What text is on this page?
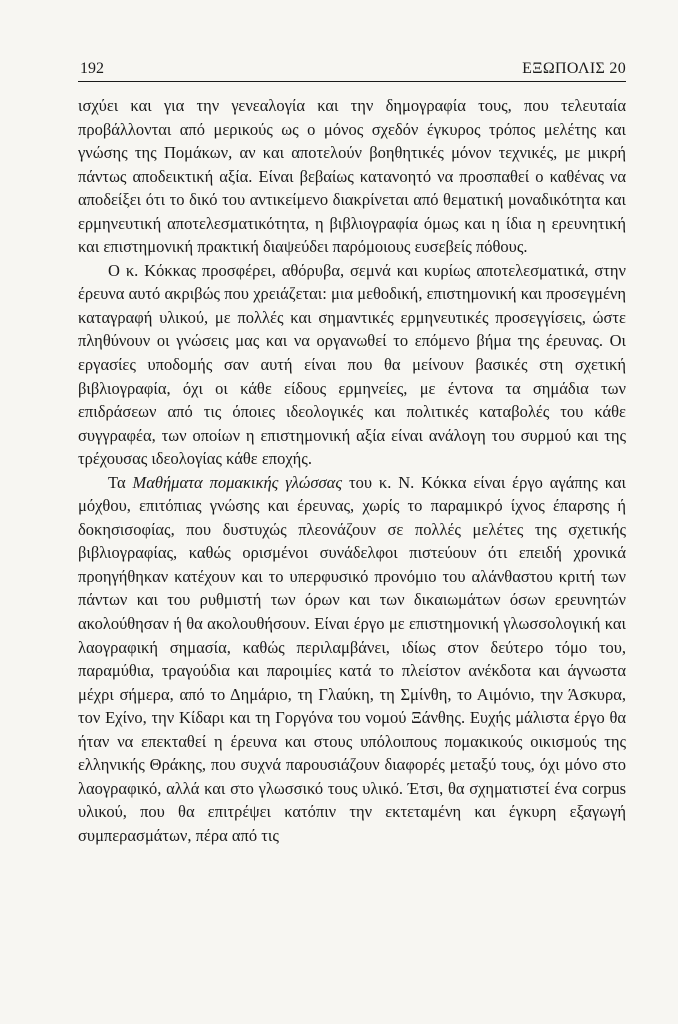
192	ΕΞΩΠΟΛΙΣ 20

ισχύει και για την γενεαλογία και την δημογραφία τους, που τελευταία προβάλλονται από μερικούς ως ο μόνος σχεδόν έγκυρος τρόπος μελέτης και γνώσης της Πομάκων, αν και αποτελούν βοηθητικές μόνον τεχνικές, με μικρή πάντως αποδεικτική αξία. Είναι βεβαίως κατανοητό να προσπαθεί ο καθένας να αποδείξει ότι το δικό του αντικείμενο διακρίνεται από θεματική μοναδικότητα και ερμηνευτική αποτελεσματικότητα, η βιβλιογραφία όμως και η ίδια η ερευνητική και επιστημονική πρακτική διαψεύδει παρόμοιους ευσεβείς πόθους.

Ο κ. Κόκκας προσφέρει, αθόρυβα, σεμνά και κυρίως αποτελεσματικά, στην έρευνα αυτό ακριβώς που χρειάζεται: μια μεθοδική, επιστημονική και προσεγμένη καταγραφή υλικού, με πολλές και σημαντικές ερμηνευτικές προσεγγίσεις, ώστε πληθύνουν οι γνώσεις μας και να οργανωθεί το επόμενο βήμα της έρευνας. Οι εργασίες υποδομής σαν αυτή είναι που θα μείνουν βασικές στη σχετική βιβλιογραφία, όχι οι κάθε είδους ερμηνείες, με έντονα τα σημάδια των επιδράσεων από τις όποιες ιδεολογικές και πολιτικές καταβολές του κάθε συγγραφέα, των οποίων η επιστημονική αξία είναι ανάλογη του συρμού και της τρέχουσας ιδεολογίας κάθε εποχής.

Τα Μαθήματα πομακικής γλώσσας του κ. Ν. Κόκκα είναι έργο αγάπης και μόχθου, επιτόπιας γνώσης και έρευνας, χωρίς το παραμικρό ίχνος έπαρσης ή δοκησισοφίας, που δυστυχώς πλεονάζουν σε πολλές μελέτες της σχετικής βιβλιογραφίας, καθώς ορισμένοι συνάδελφοι πιστεύουν ότι επειδή χρονικά προηγήθηκαν κατέχουν και το υπερφυσικό προνόμιο του αλάνθαστου κριτή των πάντων και του ρυθμιστή των όρων και των δικαιωμάτων όσων ερευνητών ακολούθησαν ή θα ακολουθήσουν. Είναι έργο με επιστημονική γλωσσολογική και λαογραφική σημασία, καθώς περιλαμβάνει, ιδίως στον δεύτερο τόμο του, παραμύθια, τραγούδια και παροιμίες κατά το πλείστον ανέκδοτα και άγνωστα μέχρι σήμερα, από το Δημάριο, τη Γλαύκη, τη Σμίνθη, το Αιμόνιο, την Άσκυρα, τον Εχίνο, την Κίδαρι και τη Γοργόνα του νομού Ξάνθης. Ευχής μάλιστα έργο θα ήταν να επεκταθεί η έρευνα και στους υπόλοιπους πομακικούς οικισμούς της ελληνικής Θράκης, που συχνά παρουσιάζουν διαφορές μεταξύ τους, όχι μόνο στο λαογραφικό, αλλά και στο γλωσσικό τους υλικό. Έτσι, θα σχηματιστεί ένα corpus υλικού, που θα επιτρέψει κατόπιν την εκτεταμένη και έγκυρη εξαγωγή συμπερασμάτων, πέρα από τις
